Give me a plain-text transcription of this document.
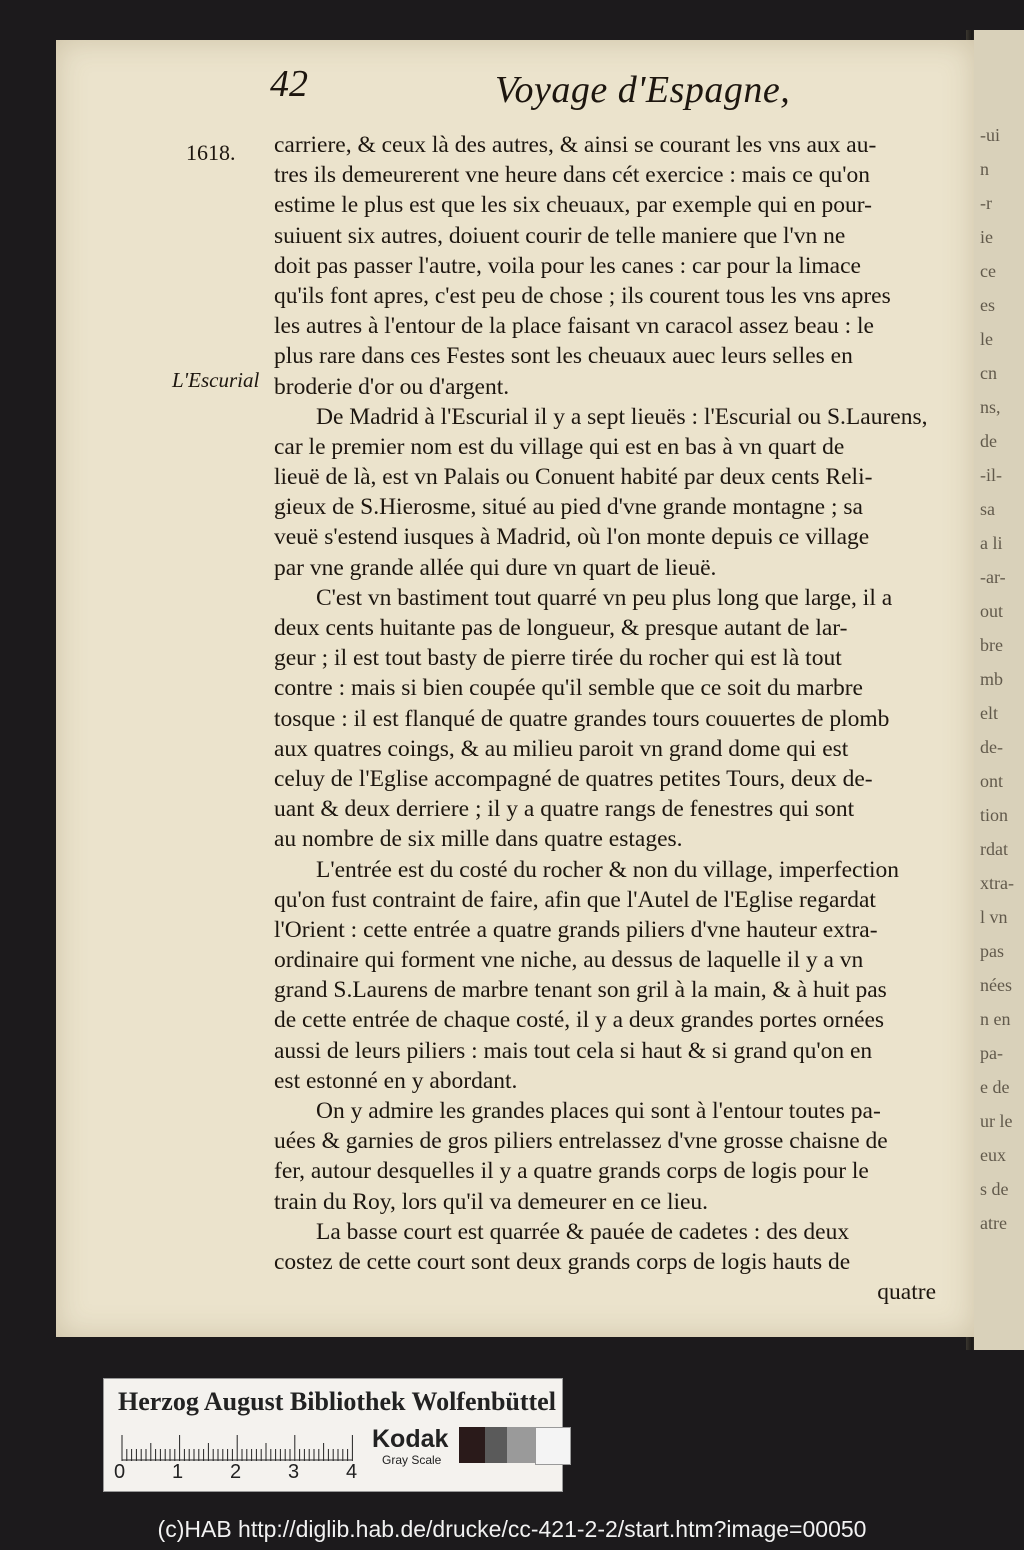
-ui
n
-r
ie
ce
es
le
cn
ns,
de
-il-
sa
a li
-ar-
out
bre
mb
elt
de-
ont
tion
rdat
xtra-
l vn
pas
nées
n en
pa-
e de
ur le
eux
s de
atre
42	Voyage d'Espagne,
1618.
L'Escurial
carriere, & ceux là des autres, & ainsi se courant les vns aux au-
tres ils demeurerent vne heure dans cét exercice : mais ce qu'on
estime le plus est que les six cheuaux, par exemple qui en pour-
suiuent six autres, doiuent courir de telle maniere que l'vn ne
doit pas passer l'autre, voila pour les canes : car pour la limace
qu'ils font apres, c'est peu de chose ; ils courent tous les vns apres
les autres à l'entour de la place faisant vn caracol assez beau : le
plus rare dans ces Festes sont les cheuaux auec leurs selles en
broderie d'or ou d'argent.
De Madrid à l'Escurial il y a sept lieuës : l'Escurial ou S.Laurens,
car le premier nom est du village qui est en bas à vn quart de
lieuë de là, est vn Palais ou Conuent habité par deux cents Reli-
gieux de S.Hierosme, situé au pied d'vne grande montagne ; sa
veuë s'estend iusques à Madrid, où l'on monte depuis ce village
par vne grande allée qui dure vn quart de lieuë.
C'est vn bastiment tout quarré vn peu plus long que large, il a
deux cents huitante pas de longueur, & presque autant de lar-
geur ; il est tout basty de pierre tirée du rocher qui est là tout
contre : mais si bien coupée qu'il semble que ce soit du marbre
tosque : il est flanqué de quatre grandes tours couuertes de plomb
aux quatres coings, & au milieu paroit vn grand dome qui est
celuy de l'Eglise accompagné de quatres petites Tours, deux de-
uant & deux derriere ; il y a quatre rangs de fenestres qui sont
au nombre de six mille dans quatre estages.
L'entrée est du costé du rocher & non du village, imperfection
qu'on fust contraint de faire, afin que l'Autel de l'Eglise regardat
l'Orient : cette entrée a quatre grands piliers d'vne hauteur extra-
ordinaire qui forment vne niche, au dessus de laquelle il y a vn
grand S.Laurens de marbre tenant son gril à la main, & à huit pas
de cette entrée de chaque costé, il y a deux grandes portes ornées
aussi de leurs piliers : mais tout cela si haut & si grand qu'on en
est estonné en y abordant.
On y admire les grandes places qui sont à l'entour toutes pa-
uées & garnies de gros piliers entrelassez d'vne grosse chaisne de
fer, autour desquelles il y a quatre grands corps de logis pour le
train du Roy, lors qu'il va demeurer en ce lieu.
La basse court est quarrée & pauée de cadetes : des deux
costez de cette court sont deux grands corps de logis hauts de
quatre
Herzog August Bibliothek Wolfenbüttel
0 1 2 3 4
Kodak
Gray Scale
(c)HAB http://diglib.hab.de/drucke/cc-421-2-2/start.htm?image=00050
